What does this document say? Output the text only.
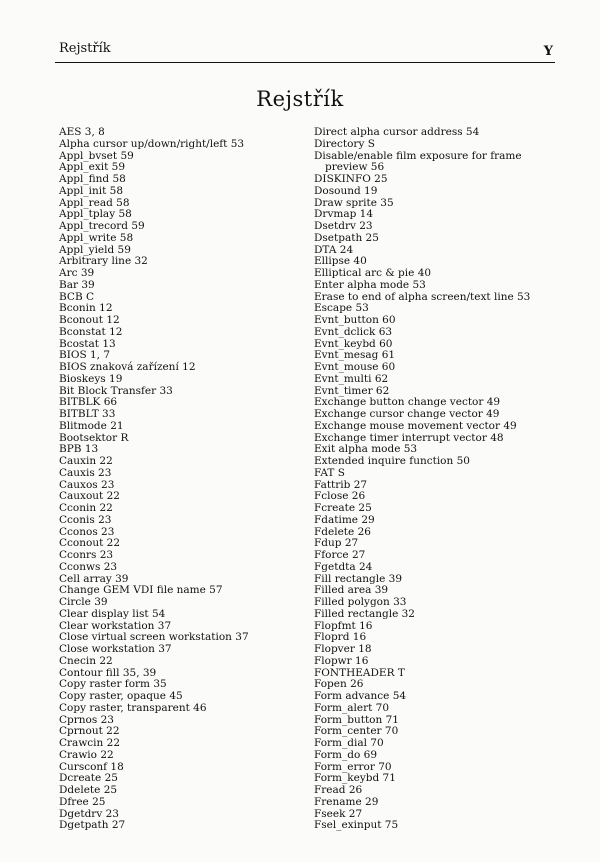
Rejstřík	Y
Rejstřík
AES 3, 8
Alpha cursor up/down/right/left 53
Appl_bvset 59
Appl_exit 59
Appl_find 58
Appl_init 58
Appl_read 58
Appl_tplay 58
Appl_trecord 59
Appl_write 58
Appl_yield 59
Arbitrary line 32
Arc 39
Bar 39
BCB C
Bconin 12
Bconout 12
Bconstat 12
Bcostat 13
BIOS 1, 7
BIOS znaková zařízení 12
Bioskeys 19
Bit Block Transfer 33
BITBLK 66
BITBLT 33
Blitmode 21
Bootsektor R
BPB 13
Cauxin 22
Cauxis 23
Cauxos 23
Cauxout 22
Cconin 22
Cconis 23
Cconos 23
Cconout 22
Cconrs 23
Cconws 23
Cell array 39
Change GEM VDI file name 57
Circle 39
Clear display list 54
Clear workstation 37
Close virtual screen workstation 37
Close workstation 37
Cnecin 22
Contour fill 35, 39
Copy raster form 35
Copy raster, opaque 45
Copy raster, transparent 46
Cprnos 23
Cprnout 22
Crawcin 22
Crawio 22
Cursconf 18
Dcreate 25
Ddelete 25
Dfree 25
Dgetdrv 23
Dgetpath 27
Direct alpha cursor address 54
Directory S
Disable/enable film exposure for frame
preview 56
DISKINFO 25
Dosound 19
Draw sprite 35
Drvmap 14
Dsetdrv 23
Dsetpath 25
DTA 24
Ellipse 40
Elliptical arc & pie 40
Enter alpha mode 53
Erase to end of alpha screen/text line 53
Escape 53
Evnt_button 60
Evnt_dclick 63
Evnt_keybd 60
Evnt_mesag 61
Evnt_mouse 60
Evnt_multi 62
Evnt_timer 62
Exchange button change vector 49
Exchange cursor change vector 49
Exchange mouse movement vector 49
Exchange timer interrupt vector 48
Exit alpha mode 53
Extended inquire function 50
FAT S
Fattrib 27
Fclose 26
Fcreate 25
Fdatime 29
Fdelete 26
Fdup 27
Fforce 27
Fgetdta 24
Fill rectangle 39
Filled area 39
Filled polygon 33
Filled rectangle 32
Flopfmt 16
Floprd 16
Flopver 18
Flopwr 16
FONTHEADER T
Fopen 26
Form advance 54
Form_alert 70
Form_button 71
Form_center 70
Form_dial 70
Form_do 69
Form_error 70
Form_keybd 71
Fread 26
Frename 29
Fseek 27
Fsel_exinput 75
